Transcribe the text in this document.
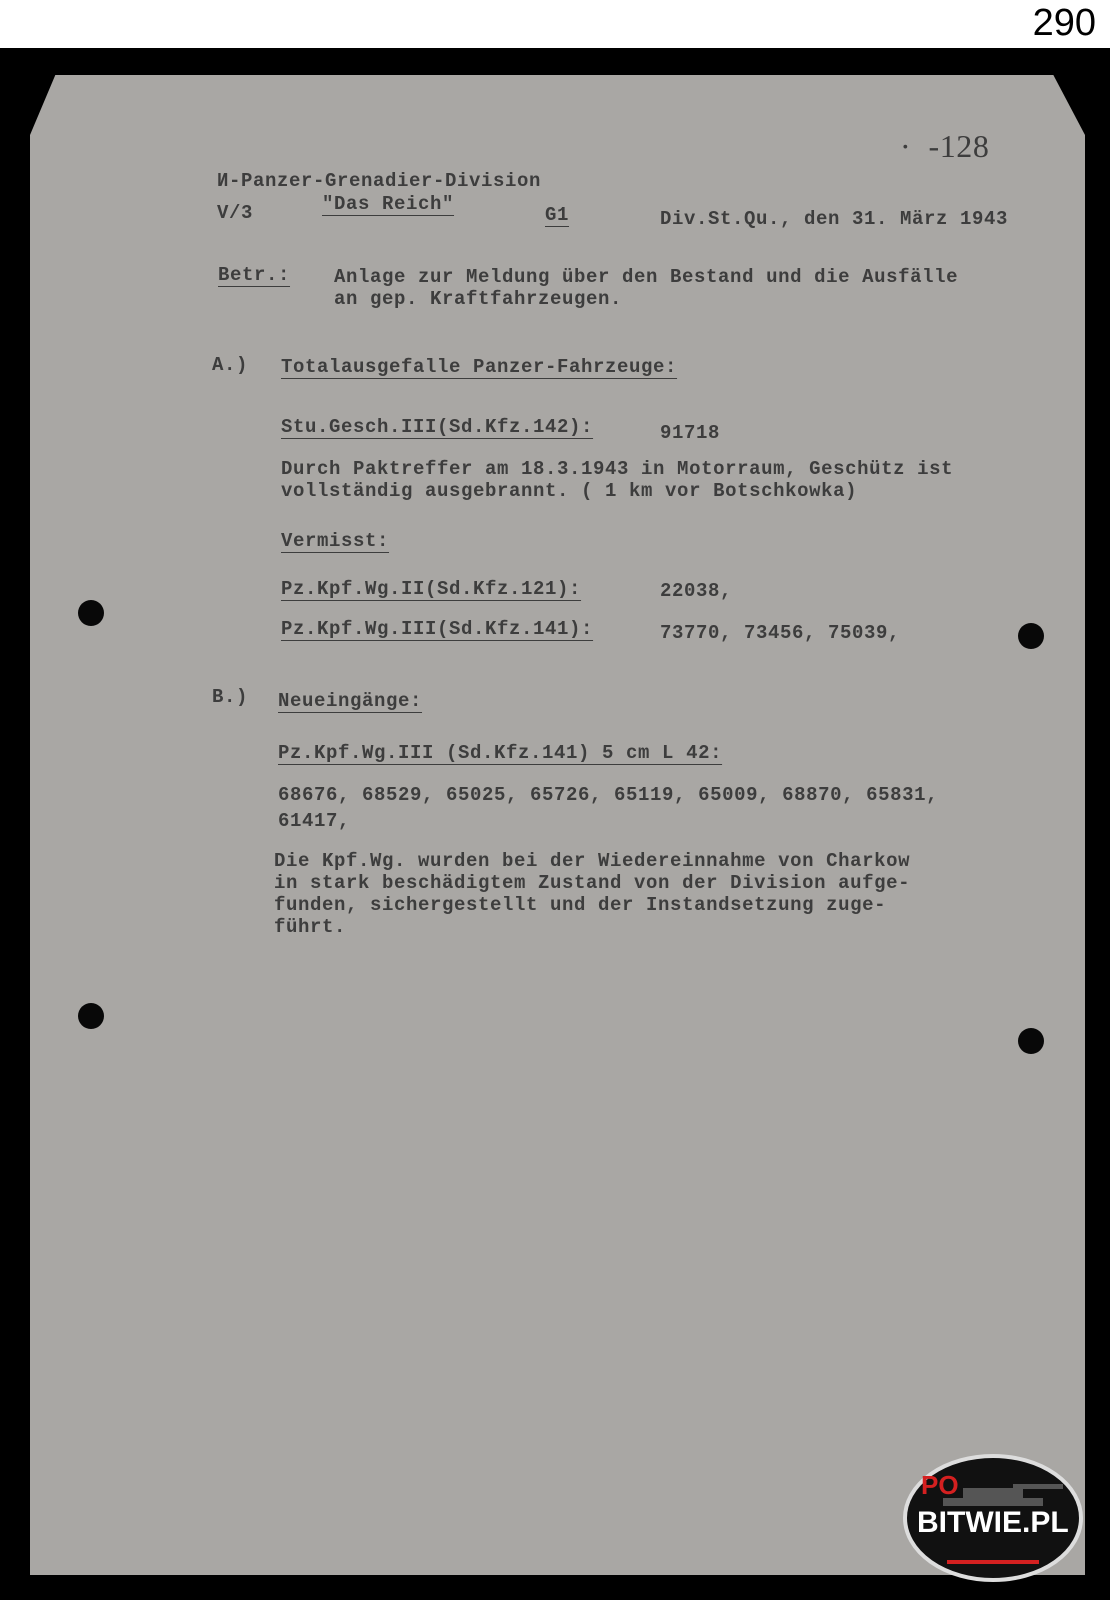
290
·  -128
И-Panzer-Grenadier-Division
V/3	"Das Reich"	G1	Div.St.Qu., den 31. März 1943
Betr.: Anlage zur Meldung über den Bestand und die Ausfälle
an gep. Kraftfahrzeugen.
A.) Totalausgefalle Panzer-Fahrzeuge:
Stu.Gesch.III(Sd.Kfz.142):	91718
Durch Paktreffer am 18.3.1943 in Motorraum, Geschütz ist
vollständig ausgebrannt. ( 1 km vor Botschkowka)
Vermisst:
Pz.Kpf.Wg.II(Sd.Kfz.121):	22038,
Pz.Kpf.Wg.III(Sd.Kfz.141):	73770, 73456, 75039,
B.) Neueingänge:
Pz.Kpf.Wg.III (Sd.Kfz.141) 5 cm L 42:
68676, 68529, 65025, 65726, 65119, 65009, 68870, 65831,
61417,
Die Kpf.Wg. wurden bei der Wiedereinnahme von Charkow
in stark beschädigtem Zustand von der Division aufge-
funden, sichergestellt und der Instandsetzung zuge-
führt.
PO
BITWIE.PL
